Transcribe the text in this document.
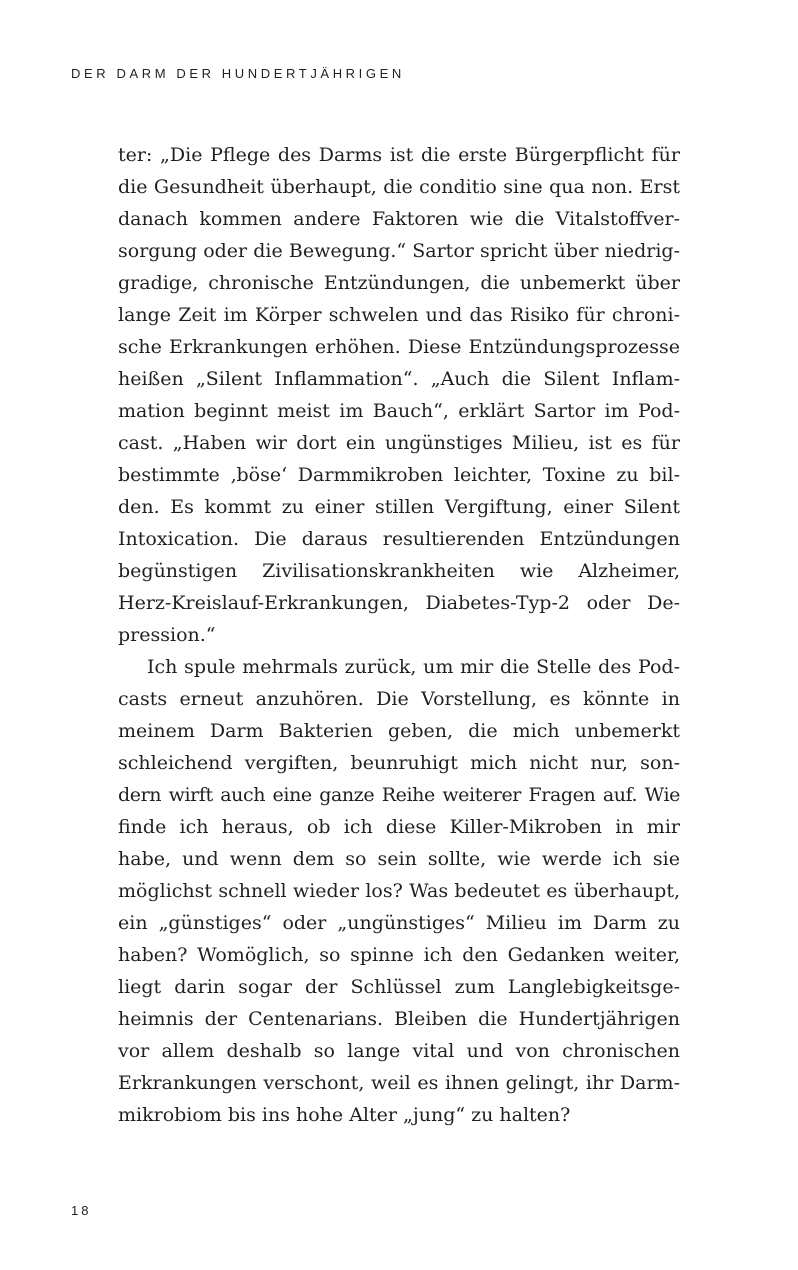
DER DARM DER HUNDERTJÄHRIGEN
ter: „Die Pflege des Darms ist die erste Bürgerpflicht für
die Gesundheit überhaupt, die conditio sine qua non. Erst
danach kommen andere Faktoren wie die Vitalstoffver-
sorgung oder die Bewegung.“ Sartor spricht über niedrig-
gradige, chronische Entzündungen, die unbemerkt über
lange Zeit im Körper schwelen und das Risiko für chroni-
sche Erkrankungen erhöhen. Diese Entzündungsprozesse
heißen „Silent Inflammation“. „Auch die Silent Inflam-
mation beginnt meist im Bauch“, erklärt Sartor im Pod-
cast. „Haben wir dort ein ungünstiges Milieu, ist es für
bestimmte ‚böse‘ Darmmikroben leichter, Toxine zu bil-
den. Es kommt zu einer stillen Vergiftung, einer Silent
Intoxication. Die daraus resultierenden Entzündungen
begünstigen Zivilisationskrankheiten wie Alzheimer,
Herz-Kreislauf-Erkrankungen, Diabetes-Typ-2 oder De-
pression.“
Ich spule mehrmals zurück, um mir die Stelle des Pod-
casts erneut anzuhören. Die Vorstellung, es könnte in
meinem Darm Bakterien geben, die mich unbemerkt
schleichend vergiften, beunruhigt mich nicht nur, son-
dern wirft auch eine ganze Reihe weiterer Fragen auf. Wie
finde ich heraus, ob ich diese Killer-Mikroben in mir
habe, und wenn dem so sein sollte, wie werde ich sie
möglichst schnell wieder los? Was bedeutet es überhaupt,
ein „günstiges“ oder „ungünstiges“ Milieu im Darm zu
haben? Womöglich, so spinne ich den Gedanken weiter,
liegt darin sogar der Schlüssel zum Langlebigkeitsge-
heimnis der Centenarians. Bleiben die Hundertjährigen
vor allem deshalb so lange vital und von chronischen
Erkrankungen verschont, weil es ihnen gelingt, ihr Darm-
mikrobiom bis ins hohe Alter „jung“ zu halten?
18
